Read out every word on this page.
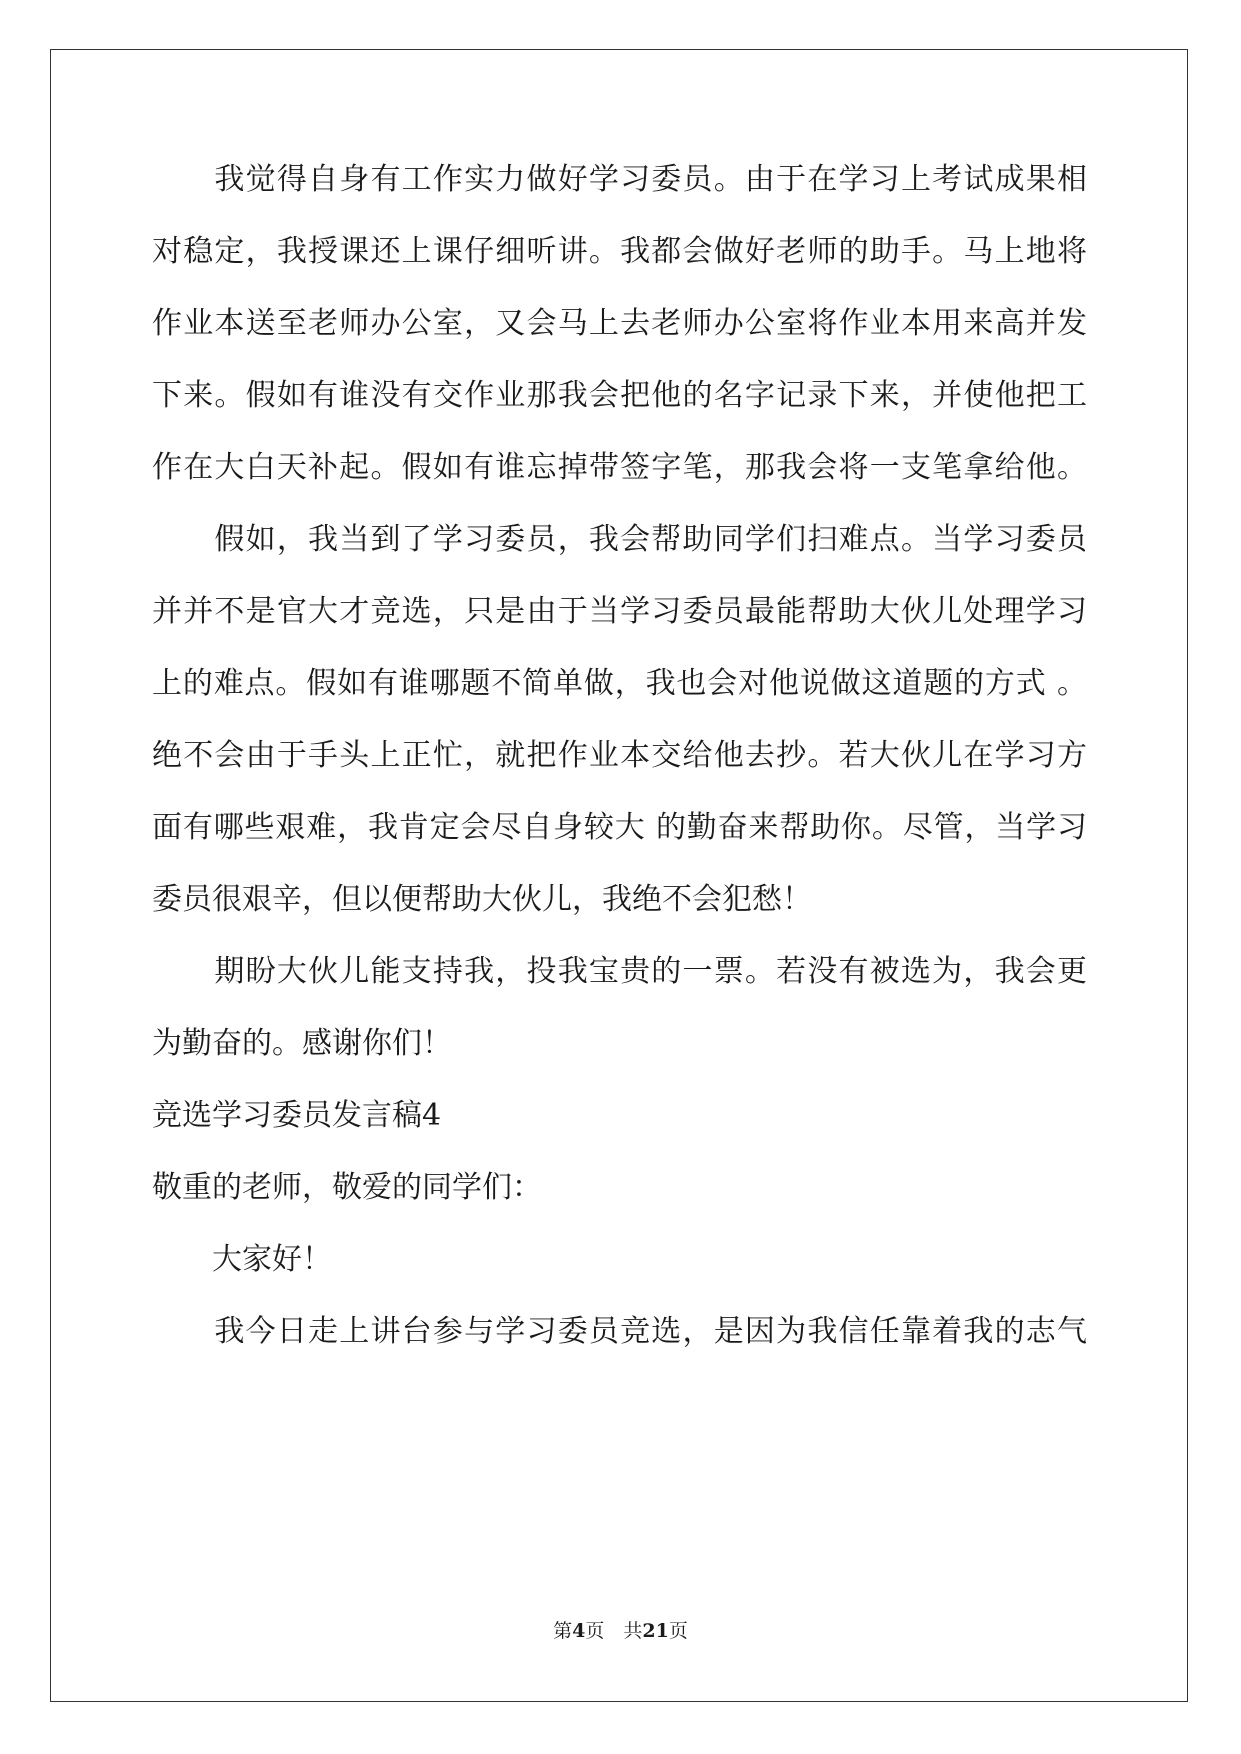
　　我觉得自身有工作实力做好学习委员。由于在学习上考试成果相
对稳定，我授课还上课仔细听讲。我都会做好老师的助手。马上地将
作业本送至老师办公室，又会马上去老师办公室将作业本用来高并发
下来。假如有谁没有交作业那我会把他的名字记录下来，并使他把工
作在大白天补起。假如有谁忘掉带签字笔，那我会将一支笔拿给他。
　　假如，我当到了学习委员，我会帮助同学们扫难点。当学习委员
并并不是官大才竞选，只是由于当学习委员最能帮助大伙儿处理学习
上的难点。假如有谁哪题不简单做，我也会对他说做这道题的方式 。
绝不会由于手头上正忙，就把作业本交给他去抄。若大伙儿在学习方
面有哪些艰难，我肯定会尽自身较大 的勤奋来帮助你。尽管，当学习
委员很艰辛，但以便帮助大伙儿，我绝不会犯愁！
　　期盼大伙儿能支持我，投我宝贵的一票。若没有被选为，我会更
为勤奋的。感谢你们！
竞选学习委员发言稿4
敬重的老师，敬爱的同学们：
　　大家好！
　　我今日走上讲台参与学习委员竞选，是因为我信任靠着我的志气
第4页　共21页
